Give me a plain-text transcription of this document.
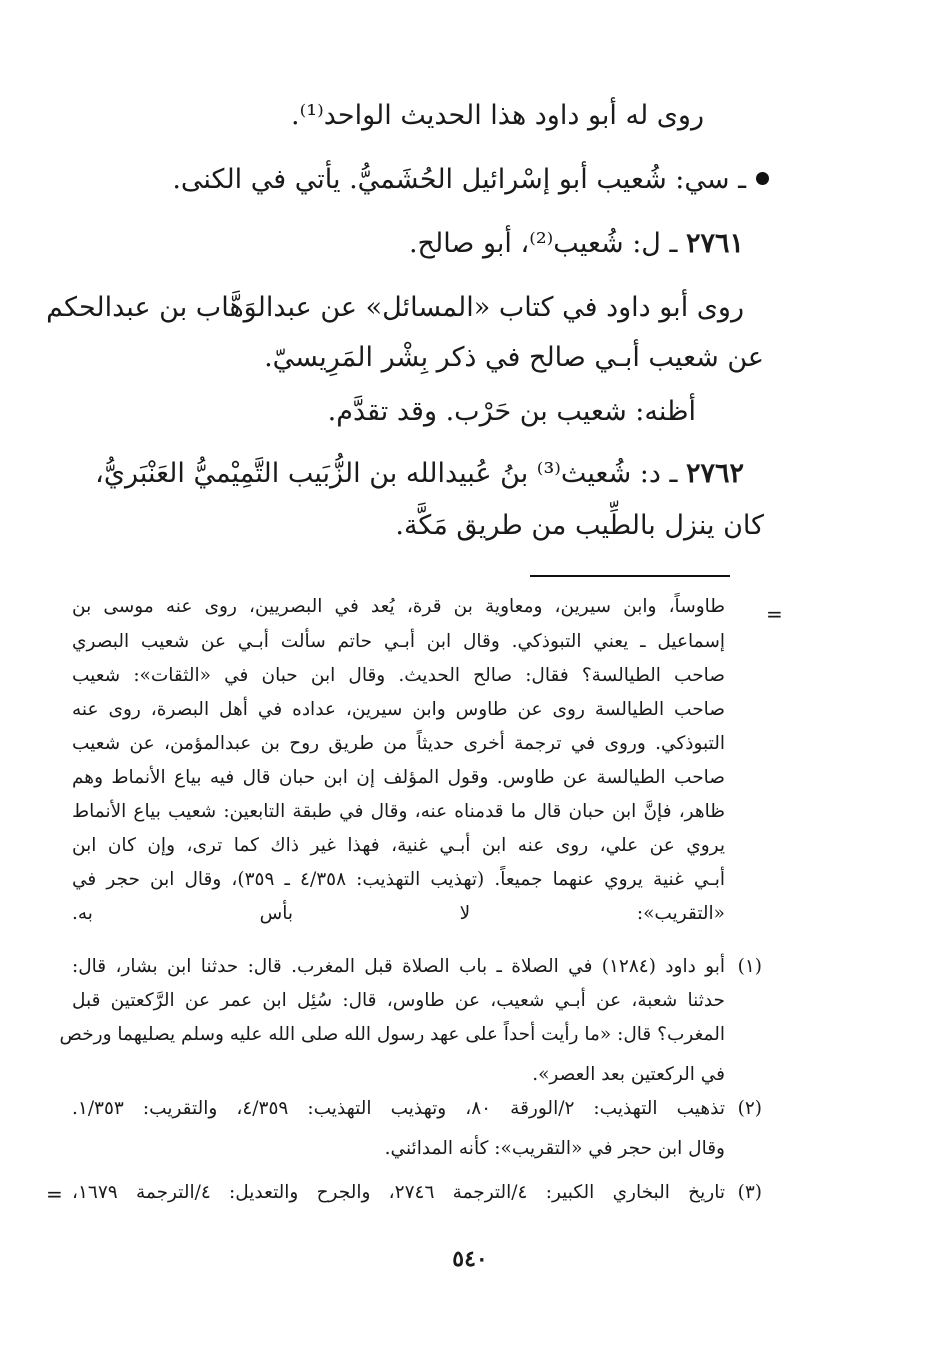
روى له أبو داود هذا الحديث الواحد⁽¹⁾.

ـ سي: شُعيب أبو إسْرائيل الحُشَميُّ. يأتي في الكنى.

٢٧٦١ ـ ل: شُعيب⁽²⁾، أبو صالح.

روى أبو داود في كتاب «المسائل» عن عبدالوَهَّاب بن عبدالحكم

عن شعيب أبـي صالح في ذكر بِشْر المَرِيسيّ.

أظنه: شعيب بن حَرْب. وقد تقدَّم.

٢٧٦٢ ـ د: شُعيث⁽³⁾ بنُ عُبيدالله بن الزُّبَيب التَّمِيْميُّ العَنْبَريُّ،

كان ينزل بالطِّيب من طريق مَكَّة.

=

طاوساً، وابن سيرين، ومعاوية بن قرة، يُعد في البصريين، روى عنه موسى بن

إسماعيل ـ يعني التبوذكي. وقال ابن أبـي حاتم سألت أبـي عن شعيب البصري

صاحب الطيالسة؟ فقال: صالح الحديث. وقال ابن حبان في «الثقات»: شعيب

صاحب الطيالسة روى عن طاوس وابن سيرين، عداده في أهل البصرة، روى عنه

التبوذكي. وروى في ترجمة أخرى حديثاً من طريق روح بن عبدالمؤمن، عن شعيب

صاحب الطيالسة عن طاوس. وقول المؤلف إن ابن حبان قال فيه بياع الأنماط وهم

ظاهر، فإنَّ ابن حبان قال ما قدمناه عنه، وقال في طبقة التابعين: شعيب بياع الأنماط

يروي عن علي، روى عنه ابن أبـي غنية، فهذا غير ذاك كما ترى، وإن كان ابن

أبـي غنية يروي عنهما جميعاً. (تهذيب التهذيب: ٤/٣٥٨ ـ ٣٥٩)، وقال ابن حجر في

«التقريب»: لا بأس به.

(١)

أبو داود (١٢٨٤) في الصلاة ـ باب الصلاة قبل المغرب. قال: حدثنا ابن بشار، قال:

حدثنا شعبة، عن أبـي شعيب، عن طاوس، قال: سُئِل ابن عمر عن الرَّكعتين قبل

المغرب؟ قال: «ما رأيت أحداً على عهد رسول الله صلى الله عليه وسلم يصليهما ورخص

في الركعتين بعد العصر».

(٢)

تذهيب التهذيب: ٢/الورقة ٨٠، وتهذيب التهذيب: ٤/٣٥٩، والتقريب: ١/٣٥٣.

وقال ابن حجر في «التقريب»: كأنه المدائني.

(٣)

تاريخ البخاري الكبير: ٤/الترجمة ٢٧٤٦، والجرح والتعديل: ٤/الترجمة ١٦٧٩،

=
٥٤٠
